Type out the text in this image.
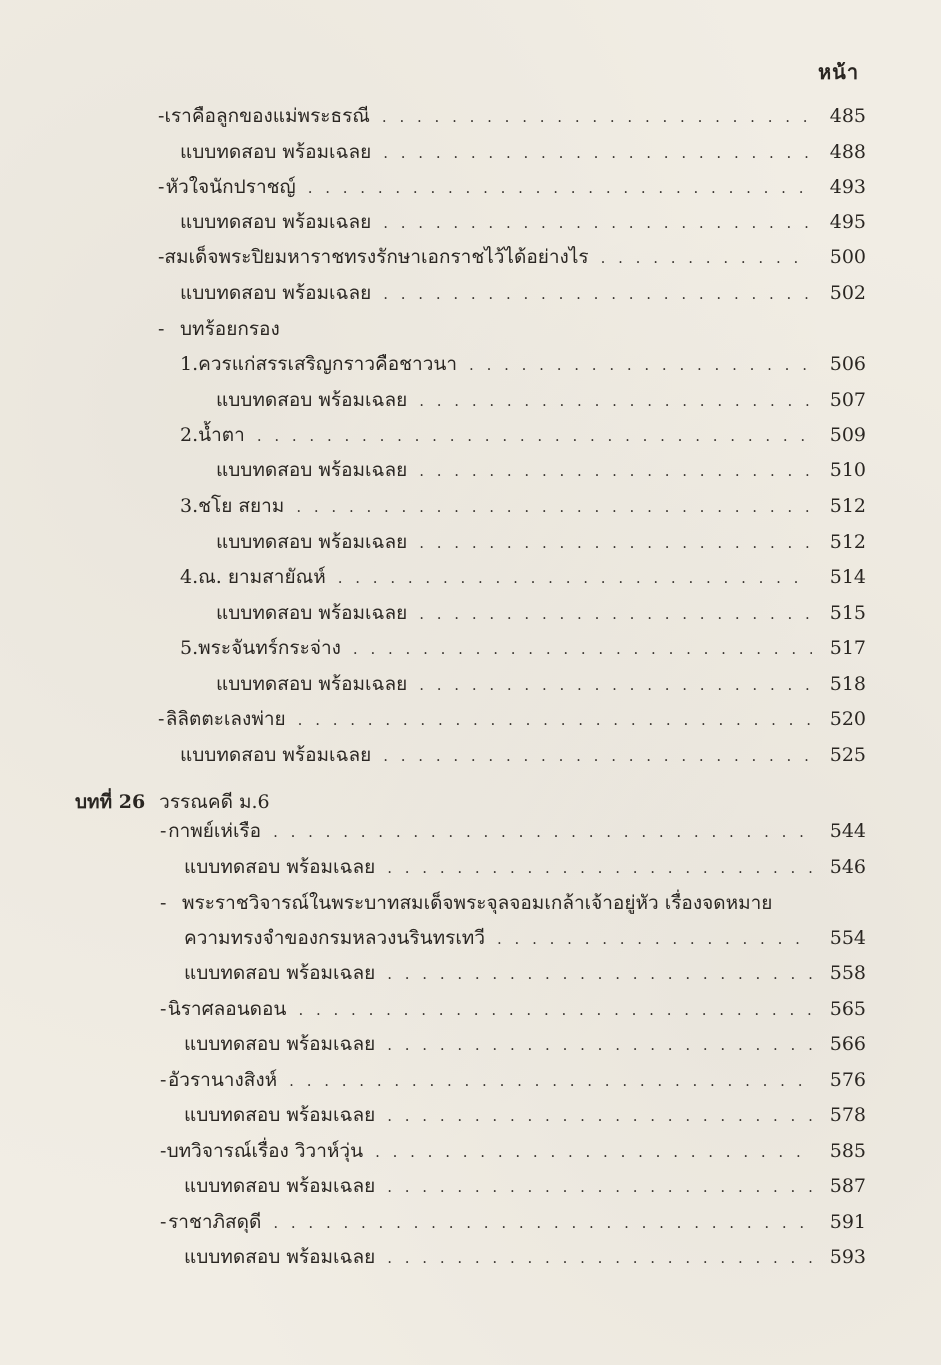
หน้า
- เราคือลูกของแม่พระธรณี . . .	485
แบบทดสอบ พร้อมเฉลย . . .	488
- หัวใจนักปราชญ์ . . .	493
แบบทดสอบ พร้อมเฉลย . . .	495
- สมเด็จพระปิยมหาราชทรงรักษาเอกราชไว้ได้อย่างไร . . .	500
แบบทดสอบ พร้อมเฉลย . . .	502
- บทร้อยกรอง
1. ควรแก่สรรเสริญกราวคือชาวนา . . .	506
แบบทดสอบ พร้อมเฉลย . . .	507
2. น้ำตา . . .	509
แบบทดสอบ พร้อมเฉลย . . .	510
3. ชโย สยาม . . .	512
แบบทดสอบ พร้อมเฉลย . . .	512
4. ณ. ยามสายัณห์ . . .	514
แบบทดสอบ พร้อมเฉลย . . .	515
5. พระจันทร์กระจ่าง . . .	517
แบบทดสอบ พร้อมเฉลย . . .	518
- ลิลิตตะเลงพ่าย . . .	520
แบบทดสอบ พร้อมเฉลย . . .	525
บทที่ 26 วรรณคดี ม.6
- กาพย์เห่เรือ . . .	544
แบบทดสอบ พร้อมเฉลย . . .	546
- พระราชวิจารณ์ในพระบาทสมเด็จพระจุลจอมเกล้าเจ้าอยู่หัว เรื่องจดหมาย
ความทรงจำของกรมหลวงนรินทรเทวี . . .	554
แบบทดสอบ พร้อมเฉลย . . .	558
- นิราศลอนดอน . . .	565
แบบทดสอบ พร้อมเฉลย . . .	566
- อัวรานางสิงห์ . . .	576
แบบทดสอบ พร้อมเฉลย . . .	578
- บทวิจารณ์เรื่อง วิวาห์วุ่น . . .	585
แบบทดสอบ พร้อมเฉลย . . .	587
- ราชาภิสดุดี . . .	591
แบบทดสอบ พร้อมเฉลย . . .	593
